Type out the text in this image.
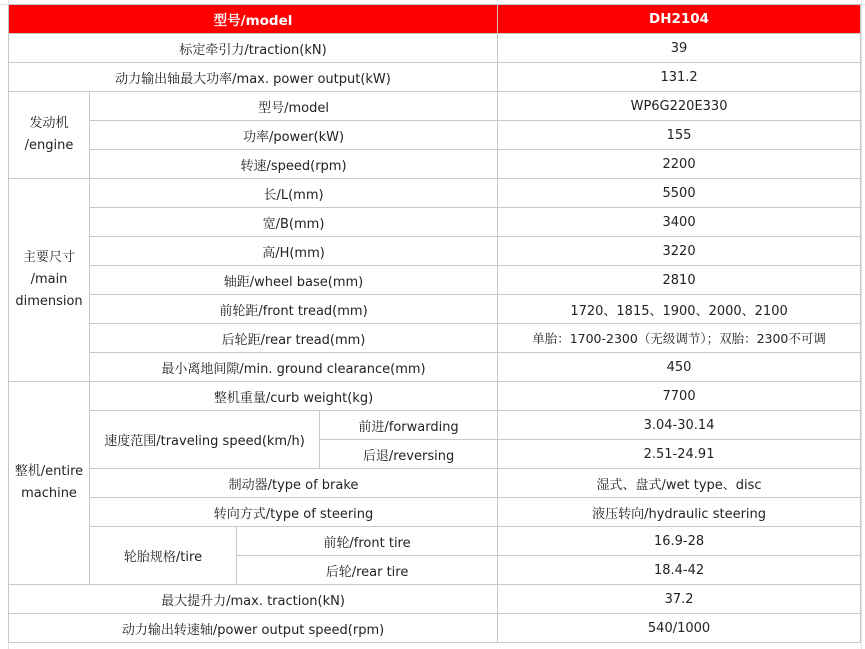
型号/model				DH2104
标定牵引力/traction(kN)				39
动力输出轴最大功率/max. power output(kW)				131.2
发动机
/engine	型号/model			WP6G220E330
	功率/power(kW)			155
	转速/speed(rpm)			2200
主要尺寸
/main
dimension	长/L(mm)			5500
	宽/B(mm)			3400
	高/H(mm)			3220
	轴距/wheel base(mm)			2810
	前轮距/front tread(mm)			1720、1815、1900、2000、2100
	后轮距/rear tread(mm)			单胎：1700-2300（无级调节）；双胎：2300不可调
	最小离地间隙/min. ground clearance(mm)			450
整机/entire
machine	整机重量/curb weight(kg)			7700
	速度范围/traveling speed(km/h)		前进/forwarding	3.04-30.14
			后退/reversing	2.51-24.91
	制动器/type of brake			湿式、盘式/wet type、disc
	转向方式/type of steering			液压转向/hydraulic steering
	轮胎规格/tire	前轮/front tire		16.9-28
		后轮/rear tire		18.4-42
最大提升力/max. traction(kN)				37.2
动力输出转速轴/power output speed(rpm)				540/1000
